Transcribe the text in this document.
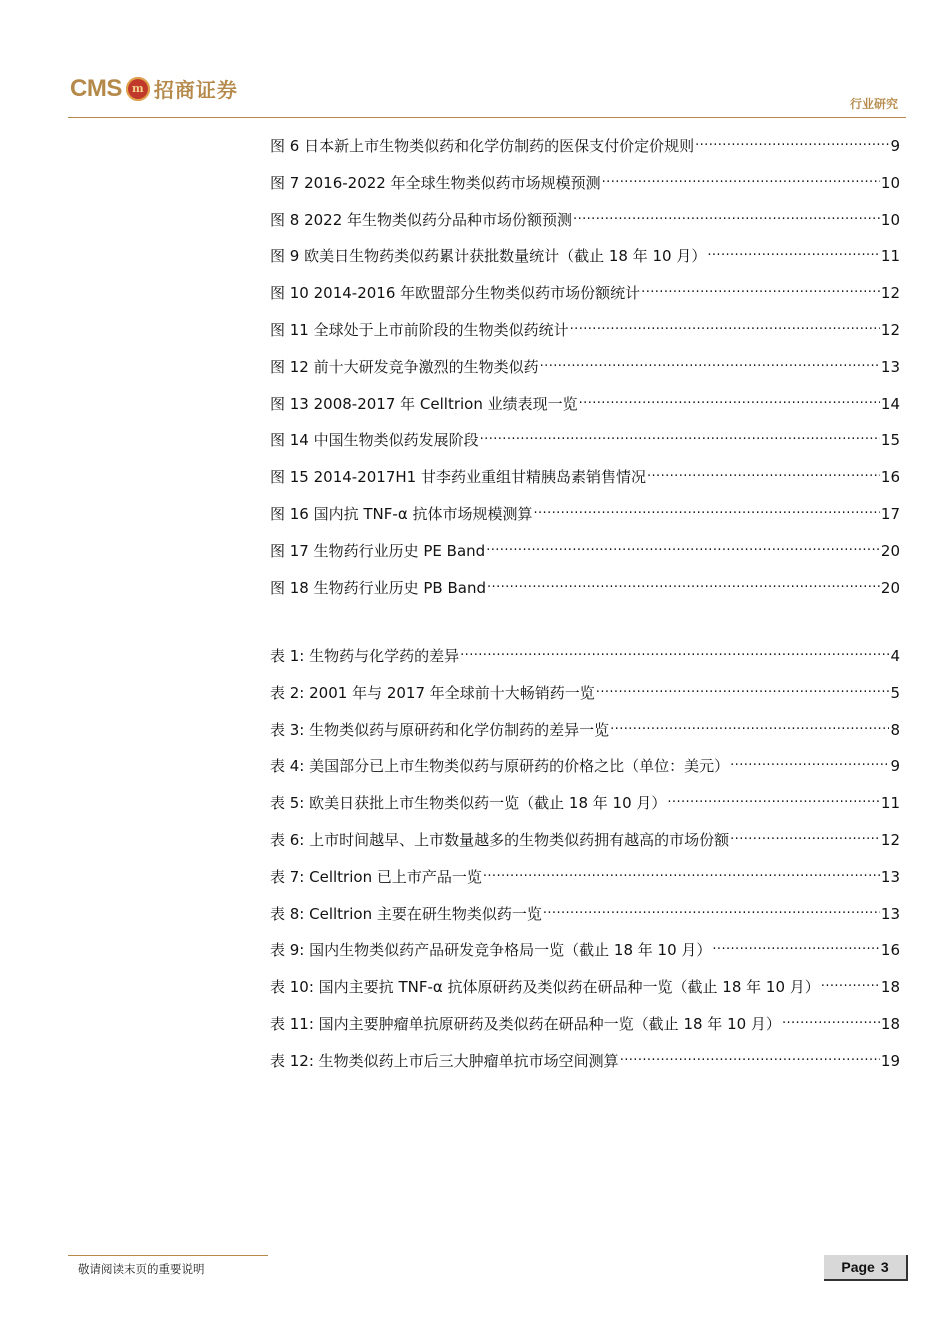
CMS m 招商证券
行业研究
图 6 日本新上市生物类似药和化学仿制药的医保支付价定价规则 .....	9
图 7 2016-2022 年全球生物类似药市场规模预测 .....	10
图 8 2022 年生物类似药分品种市场份额预测 .....	10
图 9 欧美日生物药类似药累计获批数量统计（截止 18 年 10 月） .....	11
图 10 2014-2016 年欧盟部分生物类似药市场份额统计 .....	12
图 11 全球处于上市前阶段的生物类似药统计 .....	12
图 12 前十大研发竞争激烈的生物类似药 .....	13
图 13 2008-2017 年 Celltrion 业绩表现一览 .....	14
图 14 中国生物类似药发展阶段 .....	15
图 15 2014-2017H1 甘李药业重组甘精胰岛素销售情况 .....	16
图 16 国内抗 TNF-α 抗体市场规模测算 .....	17
图 17 生物药行业历史 PE Band .....	20
图 18 生物药行业历史 PB Band .....	20
表 1: 生物药与化学药的差异 .....	4
表 2: 2001 年与 2017 年全球前十大畅销药一览 .....	5
表 3: 生物类似药与原研药和化学仿制药的差异一览 .....	8
表 4: 美国部分已上市生物类似药与原研药的价格之比（单位：美元） .....	9
表 5: 欧美日获批上市生物类似药一览（截止 18 年 10 月） .....	11
表 6: 上市时间越早、上市数量越多的生物类似药拥有越高的市场份额 .....	12
表 7: Celltrion 已上市产品一览 .....	13
表 8: Celltrion 主要在研生物类似药一览 .....	13
表 9: 国内生物类似药产品研发竞争格局一览（截止 18 年 10 月） .....	16
表 10: 国内主要抗 TNF-α 抗体原研药及类似药在研品种一览（截止 18 年 10 月） .....	18
表 11: 国内主要肿瘤单抗原研药及类似药在研品种一览（截止 18 年 10 月） .....	18
表 12: 生物类似药上市后三大肿瘤单抗市场空间测算 .....	19
敬请阅读末页的重要说明	Page 3
